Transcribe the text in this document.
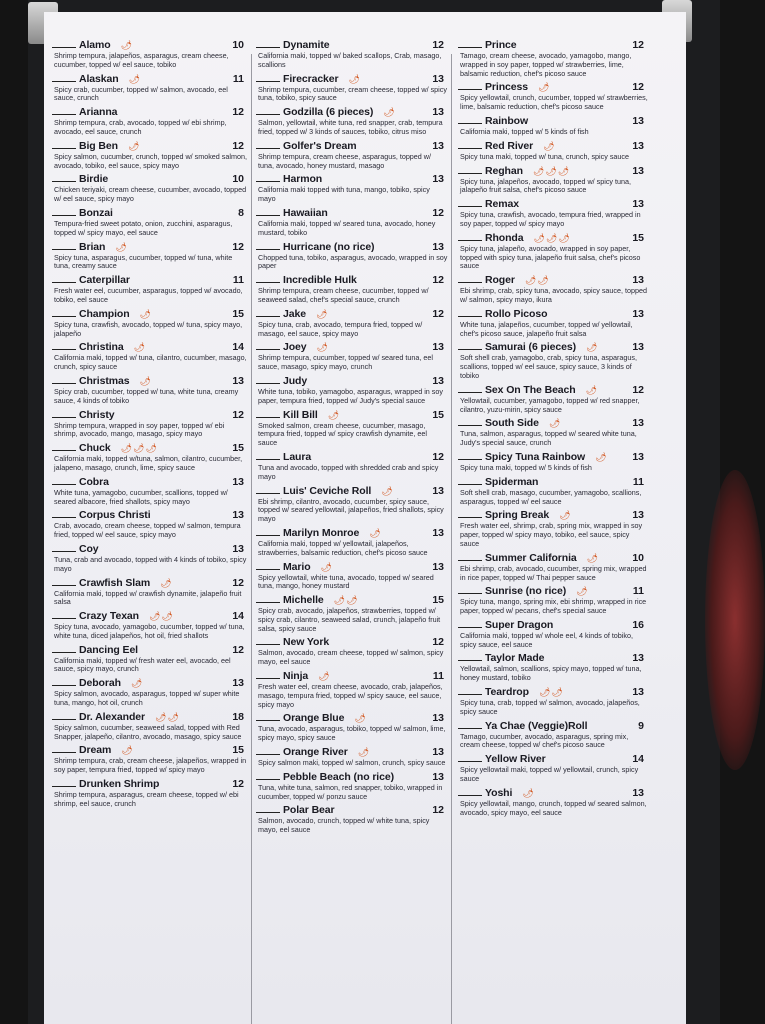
Alamo 🌶	10
Shrimp tempura, jalapeños, asparagus, cream cheese, cucumber, topped w/ eel sauce, tobiko
Alaskan 🌶	11
Spicy crab, cucumber, topped w/ salmon, avocado, eel sauce, crunch
Arianna	12
Shrimp tempura, crab, avocado, topped w/ ebi shrimp, avocado, eel sauce, crunch
Big Ben 🌶	12
Spicy salmon, cucumber, crunch, topped w/ smoked salmon, avocado, tobiko, eel sauce, spicy mayo
Birdie	10
Chicken teriyaki, cream cheese, cucumber, avocado, topped w/ eel sauce, spicy mayo
Bonzai	8
Tempura-fried sweet potato, onion, zucchini, asparagus, topped w/ spicy mayo, eel sauce
Brian 🌶	12
Spicy tuna, asparagus, cucumber, topped w/ tuna, white tuna, creamy sauce
Caterpillar	11
Fresh water eel, cucumber, asparagus, topped w/ avocado, tobiko, eel sauce
Champion 🌶	15
Spicy tuna, crawfish, avocado, topped w/ tuna, spicy mayo, jalapeño
Christina 🌶	14
California maki, topped w/ tuna, cilantro, cucumber, masago, crunch, spicy sauce
Christmas 🌶	13
Spicy crab, cucumber, topped w/ tuna, white tuna, creamy sauce, 4 kinds of tobiko
Christy	12
Shrimp tempura, wrapped in soy paper, topped w/ ebi shrimp, avocado, mango, masago, spicy mayo
Chuck 🌶🌶🌶	15
California maki, topped w/tuna, salmon, cilantro, cucumber, jalapeno, masago, crunch, lime, spicy sauce
Cobra	13
White tuna, yamagobo, cucumber, scallions, topped w/ seared albacore, fried shallots, spicy mayo
Corpus Christi	13
Crab, avocado, cream cheese, topped w/ salmon, tempura fried, topped w/ eel sauce, spicy mayo
Coy	13
Tuna, crab and avocado, topped with 4 kinds of tobiko, spicy mayo
Crawfish Slam 🌶	12
California maki, topped w/ crawfish dynamite, jalapeño fruit salsa
Crazy Texan 🌶🌶	14
Spicy tuna, avocado, yamagobo, cucumber, topped w/ tuna, white tuna, diced jalapeños, hot oil, fried shallots
Dancing Eel	12
California maki, topped w/ fresh water eel, avocado, eel sauce, spicy mayo, crunch
Deborah 🌶	13
Spicy salmon, avocado, asparagus, topped w/ super white tuna, mango, hot oil, crunch
Dr. Alexander 🌶🌶	18
Spicy salmon, cucumber, seaweed salad, topped with Red Snapper, jalapeño, cilantro, avocado, masago, spicy sauce
Dream 🌶	15
Shrimp tempura, crab, cream cheese, jalapeños, wrapped in soy paper, tempura fried, topped w/ spicy mayo
Drunken Shrimp	12
Shrimp tempura, asparagus, cream cheese, topped w/ ebi shrimp, eel sauce, crunch
Dynamite	12
California maki, topped w/ baked scallops, Crab, masago, scallions
Firecracker 🌶	13
Shrimp tempura, cucumber, cream cheese, topped w/ spicy tuna, tobiko, spicy sauce
Godzilla (6 pieces) 🌶	13
Salmon, yellowtail, white tuna, red snapper, crab, tempura fried, topped w/ 3 kinds of sauces, tobiko, citrus miso
Golfer's Dream	13
Shrimp tempura, cream cheese, asparagus, topped w/ tuna, avocado, honey mustard, masago
Harmon	13
California maki topped with tuna, mango, tobiko, spicy mayo
Hawaiian	12
California maki, topped w/ seared tuna, avocado, honey mustard, tobiko
Hurricane (no rice)	13
Chopped tuna, tobiko, asparagus, avocado, wrapped in soy paper
Incredible Hulk	12
Shrimp tempura, cream cheese, cucumber, topped w/ seaweed salad, chef's special sauce, crunch
Jake 🌶	12
Spicy tuna, crab, avocado, tempura fried, topped w/ masago, eel sauce, spicy mayo
Joey 🌶	13
Shrimp tempura, cucumber, topped w/ seared tuna, eel sauce, masago, spicy mayo, crunch
Judy	13
White tuna, tobiko, yamagobo, asparagus, wrapped in soy paper, tempura fried, topped w/ Judy's special sauce
Kill Bill 🌶	15
Smoked salmon, cream cheese, cucumber, masago, tempura fried, topped w/ spicy crawfish dynamite, eel sauce
Laura	12
Tuna and avocado, topped with shredded crab and spicy mayo
Luis' Ceviche Roll 🌶	13
Ebi shrimp, cilantro, avocado, cucumber, spicy sauce, topped w/ seared yellowtail, jalapeños, fried shallots, spicy mayo
Marilyn Monroe 🌶	13
California maki, topped w/ yellowtail, jalapeños, strawberries, balsamic reduction, chef's picoso sauce
Mario 🌶	13
Spicy yellowtail, white tuna, avocado, topped w/ seared tuna, mango, honey mustard
Michelle 🌶🌶	15
Spicy crab, avocado, jalapeños, strawberries, topped w/ spicy crab, cilantro, seaweed salad, crunch, jalapeño fruit salsa, spicy sauce
New York	12
Salmon, avocado, cream cheese, topped w/ salmon, spicy mayo, eel sauce
Ninja 🌶	11
Fresh water eel, cream cheese, avocado, crab, jalapeños, masago, tempura fried, topped w/ spicy sauce, eel sauce, spicy mayo
Orange Blue 🌶	13
Tuna, avocado, asparagus, tobiko, topped w/ salmon, lime, spicy mayo, spicy sauce
Orange River 🌶	13
Spicy salmon maki, topped w/ salmon, crunch, spicy sauce
Pebble Beach (no rice)	13
Tuna, white tuna, salmon, red snapper, tobiko, wrapped in cucumber, topped w/ ponzu sauce
Polar Bear	12
Salmon, avocado, crunch, topped w/ white tuna, spicy mayo, eel sauce
Prince	12
Tamago, cream cheese, avocado, yamagobo, mango, wrapped in soy paper, topped w/ strawberries, lime, balsamic reduction, chef's picoso sauce
Princess 🌶	12
Spicy yellowtail, crunch, cucumber, topped w/ strawberries, lime, balsamic reduction, chef's picoso sauce
Rainbow	13
California maki, topped w/ 5 kinds of fish
Red River 🌶	13
Spicy tuna maki, topped w/ tuna, crunch, spicy sauce
Reghan 🌶🌶🌶	13
Spicy tuna, jalapeños, avocado, topped w/ spicy tuna, jalapeño fruit salsa, chef's picoso sauce
Remax	13
Spicy tuna, crawfish, avocado, tempura fried, wrapped in soy paper, topped w/ spicy mayo
Rhonda 🌶🌶🌶	15
Spicy tuna, jalapeño, avocado, wrapped in soy paper, topped with spicy tuna, jalapeño fruit salsa, chef's picoso sauce
Roger 🌶🌶	13
Ebi shrimp, crab, spicy tuna, avocado, spicy sauce, topped w/ salmon, spicy mayo, ikura
Rollo Picoso	13
White tuna, jalapeños, cucumber, topped w/ yellowtail, chef's picoso sauce, jalapeño fruit salsa
Samurai (6 pieces) 🌶	13
Soft shell crab, yamagobo, crab, spicy tuna, asparagus, scallions, topped w/ eel sauce, spicy sauce, 3 kinds of tobiko
Sex On The Beach 🌶	12
Yellowtail, cucumber, yamagobo, topped w/ red snapper, cilantro, yuzu-mirin, spicy sauce
South Side 🌶	13
Tuna, salmon, asparagus, topped w/ seared white tuna, Judy's special sauce, crunch
Spicy Tuna Rainbow 🌶 13
Spicy tuna maki, topped w/ 5 kinds of fish
Spiderman	11
Soft shell crab, masago, cucumber, yamagobo, scallions, asparagus, topped w/ eel sauce
Spring Break 🌶	13
Fresh water eel, shrimp, crab, spring mix, wrapped in soy paper, topped w/ spicy mayo, tobiko, eel sauce, spicy sauce
Summer California 🌶	10
Ebi shrimp, crab, avocado, cucumber, spring mix, wrapped in rice paper, topped w/ Thai pepper sauce
Sunrise (no rice) 🌶	11
Spicy tuna, mango, spring mix, ebi shrimp, wrapped in rice paper, topped w/ pecans, chef's special sauce
Super Dragon	16
California maki, topped w/ whole eel, 4 kinds of tobiko, spicy sauce, eel sauce
Taylor Made	13
Yellowtail, salmon, scallions, spicy mayo, topped w/ tuna, honey mustard, tobiko
Teardrop 🌶🌶	13
Spicy tuna, crab, topped w/ salmon, avocado, jalapeños, spicy sauce
Ya Chae (Veggie)Roll	9
Tamago, cucumber, avocado, asparagus, spring mix, cream cheese, topped w/ chef's picoso sauce
Yellow River	14
Spicy yellowtail maki, topped w/ yellowtail, crunch, spicy sauce
Yoshi 🌶	13
Spicy yellowtail, mango, crunch, topped w/ seared salmon, avocado, spicy mayo, eel sauce
